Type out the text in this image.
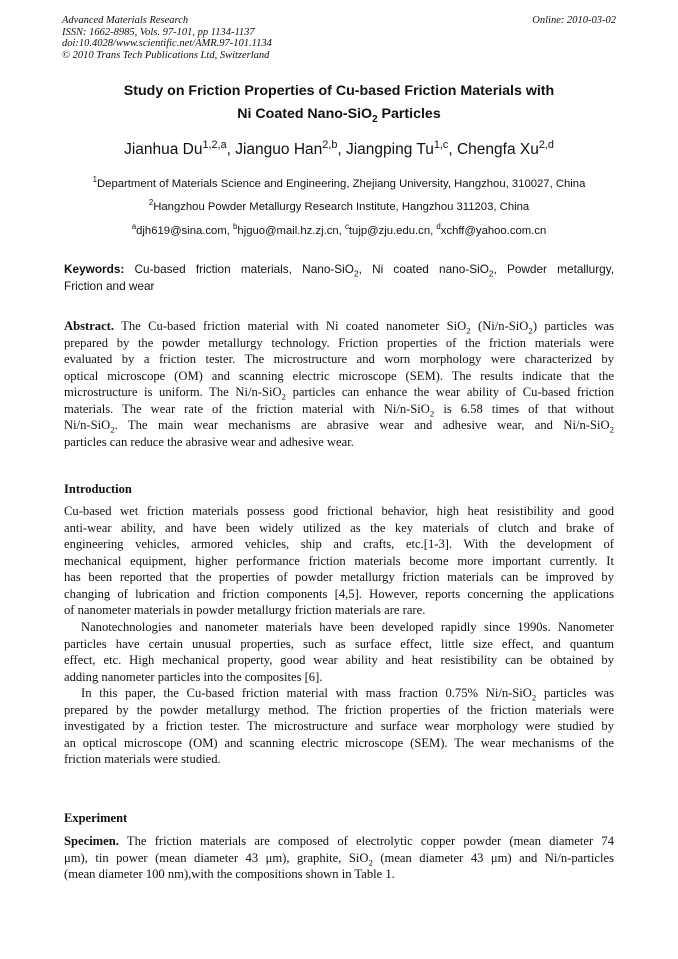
Advanced Materials Research
ISSN: 1662-8985, Vols. 97-101, pp 1134-1137
doi:10.4028/www.scientific.net/AMR.97-101.1134
© 2010 Trans Tech Publications Ltd, Switzerland
Online: 2010-03-02
Study on Friction Properties of Cu-based Friction Materials with
Ni Coated Nano-SiO$_2$ Particles
Jianhua Du$^{1,2,a}$, Jianguo Han$^{2,b}$, Jiangping Tu$^{1,c}$, Chengfa Xu$^{2,d}$
$^1$Department of Materials Science and Engineering, Zhejiang University, Hangzhou, 310027, China
$^2$Hangzhou Powder Metallurgy Research Institute, Hangzhou 311203, China
$^a$djh619@sina.com, $^b$hjguo@mail.hz.zj.cn, $^c$tujp@zju.edu.cn, $^d$xchff@yahoo.com.cn
Keywords: Cu-based friction materials, Nano-SiO$_2$, Ni coated nano-SiO$_2$, Powder metallurgy,
Friction and wear
Abstract. The Cu-based friction material with Ni coated nanometer SiO$_2$ (Ni/n-SiO$_2$) particles was
prepared by the powder metallurgy technology. Friction properties of the friction materials were
evaluated by a friction tester. The microstructure and worn morphology were characterized by
optical microscope (OM) and scanning electric microscope (SEM). The results indicate that the
microstructure is uniform. The Ni/n-SiO$_2$ particles can enhance the wear ability of Cu-based friction
materials. The wear rate of the friction material with Ni/n-SiO$_2$ is 6.58 times of that without
Ni/n-SiO$_2$. The main wear mechanisms are abrasive wear and adhesive wear, and Ni/n-SiO$_2$
particles can reduce the abrasive wear and adhesive wear.
Introduction
Cu-based wet friction materials possess good frictional behavior, high heat resistibility and good
anti-wear ability, and have been widely utilized as the key materials of clutch and brake of
engineering vehicles, armored vehicles, ship and crafts, etc.[1-3]. With the development of
mechanical equipment, higher performance friction materials become more important currently. It
has been reported that the properties of powder metallurgy friction materials can be improved by
changing of lubrication and friction components [4,5]. However, reports concerning the applications
of nanometer materials in powder metallurgy friction materials are rare.
Nanotechnologies and nanometer materials have been developed rapidly since 1990s. Nanometer
particles have certain unusual properties, such as surface effect, little size effect, and quantum
effect, etc. High mechanical property, good wear ability and heat resistibility can be obtained by
adding nanometer particles into the composites [6].
In this paper, the Cu-based friction material with mass fraction 0.75% Ni/n-SiO$_2$ particles was
prepared by the powder metallurgy method. The friction properties of the friction materials were
investigated by a friction tester. The microstructure and surface wear morphology were studied by
an optical microscope (OM) and scanning electric microscope (SEM). The wear mechanisms of the
friction materials were studied.
Experiment
Specimen. The friction materials are composed of electrolytic copper powder (mean diameter 74
μm), tin power (mean diameter 43 μm), graphite, SiO$_2$ (mean diameter 43 μm) and Ni/n-particles
(mean diameter 100 nm),with the compositions shown in Table 1.
